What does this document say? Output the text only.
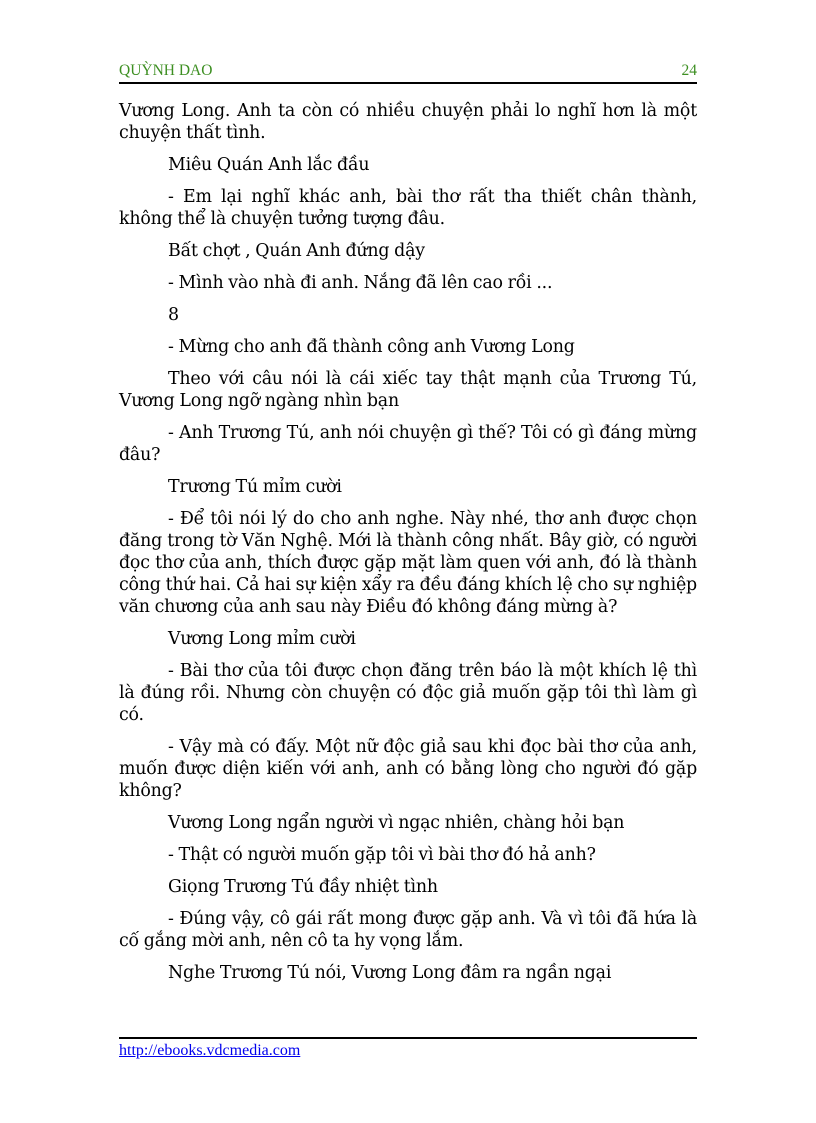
QUỲNH DAO	24

Vương Long. Anh ta còn có nhiều chuyện phải lo nghĩ hơn là một chuyện thất tình.

Miêu Quán Anh lắc đầu

- Em lại nghĩ khác anh, bài thơ rất tha thiết chân thành, không thể là chuyện tưởng tượng đâu.

Bất chợt , Quán Anh đứng dậy

- Mình vào nhà đi anh. Nắng đã lên cao rồi ...

8

- Mừng cho anh đã thành công anh Vương Long

Theo với câu nói là cái xiếc tay thật mạnh của Trương Tú, Vương Long ngỡ ngàng nhìn bạn

- Anh Trương Tú, anh nói chuyện gì thế? Tôi có gì đáng mừng đâu?

Trương Tú mỉm cười

- Để tôi nói lý do cho anh nghe. Này nhé, thơ anh được chọn đăng trong tờ Văn Nghệ. Mới là thành công nhất. Bây giờ, có người đọc thơ của anh, thích được gặp mặt làm quen với anh, đó là thành công thứ hai. Cả hai sự kiện xẩy ra đều đáng khích lệ cho sự nghiệp văn chương của anh sau này Điều đó không đáng mừng à?

Vương Long mỉm cười

- Bài thơ của tôi được chọn đăng trên báo là một khích lệ thì là đúng rồi. Nhưng còn chuyện có độc giả muốn gặp tôi thì làm gì có.

- Vậy mà có đấy. Một nữ độc giả sau khi đọc bài thơ của anh, muốn được diện kiến với anh, anh có bằng lòng cho người đó gặp không?

Vương Long ngẩn người vì ngạc nhiên, chàng hỏi bạn

- Thật có người muốn gặp tôi vì bài thơ đó hả anh?

Giọng Trương Tú đầy nhiệt tình

- Đúng vậy, cô gái rất mong được gặp anh. Và vì tôi đã hứa là cố gắng mời anh, nên cô ta hy vọng lắm.

Nghe Trương Tú nói, Vương Long đâm ra ngần ngại

http://ebooks.vdcmedia.com
